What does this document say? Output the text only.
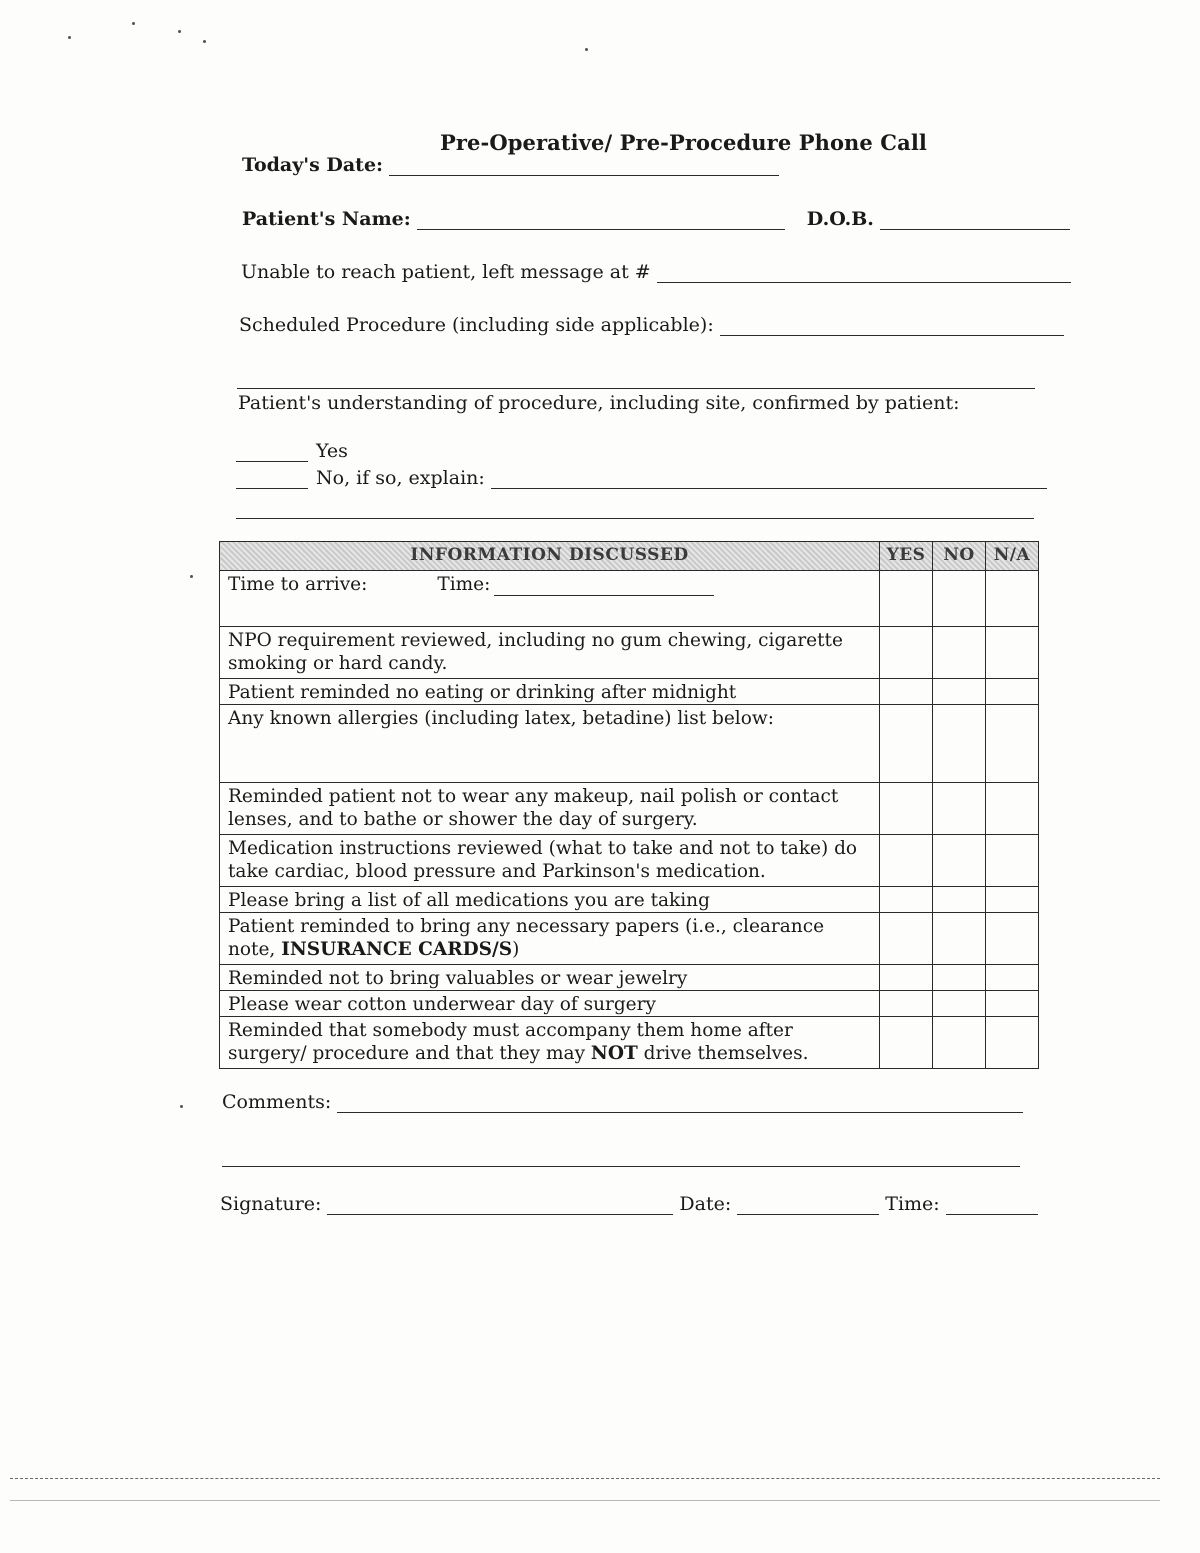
Pre-Operative/ Pre-Procedure Phone Call
Today's Date:
Patient's Name:	D.O.B.
Unable to reach patient, left message at #
Scheduled Procedure (including side applicable):
Patient's understanding of procedure, including site, confirmed by patient:
Yes
No, if so, explain:
INFORMATION DISCUSSED	YES	NO	N/A

Time to arrive: Time:			

NPO requirement reviewed, including no gum chewing, cigarette
smoking or hard candy.			

Patient reminded no eating or drinking after midnight			

Any known allergies (including latex, betadine) list below:			

Reminded patient not to wear any makeup, nail polish or contact
lenses, and to bathe or shower the day of surgery.			

Medication instructions reviewed (what to take and not to take) do
take cardiac, blood pressure and Parkinson's medication.			

Please bring a list of all medications you are taking			

Patient reminded to bring any necessary papers (i.e., clearance
note, INSURANCE CARDS/S)			

Reminded not to bring valuables or wear jewelry			

Please wear cotton underwear day of surgery			

Reminded that somebody must accompany them home after
surgery/ procedure and that they may NOT drive themselves.			

Comments:
Signature:	Date:	Time:
